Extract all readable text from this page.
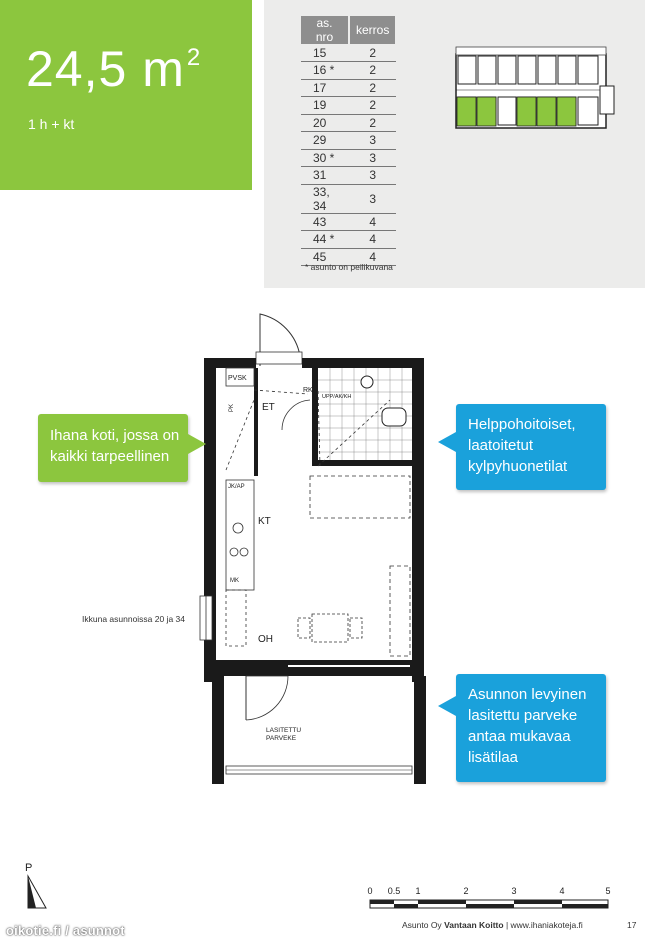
24,5 $m^2$
1 h + kt
as. nro	kerros
15	2
16 *	2
17	2
19	2
20	2
29	3
30 *	3
31	3
33, 34	3
43	4
44 *	4
45	4
* asunto on peilikuvana
PVSK
ET
RK
PK
UPP/AK/KH
JK/AP
KT
MK
OH
LASITETTU
PARVEKE
Ihana koti, jossa on
kaikki tarpeellinen
Helppohoitoiset,
laatoitetut
kylpyhuonetilat
Asunnon levyinen
lasitettu parveke
antaa mukavaa
lisätilaa
Ikkuna asunnoissa 20 ja 34
P
0 0.5 1	2	3	4	5
Asunto Oy Vantaan Koitto | www.ihaniakoteja.fi	17
oikotie.fi / asunnot
